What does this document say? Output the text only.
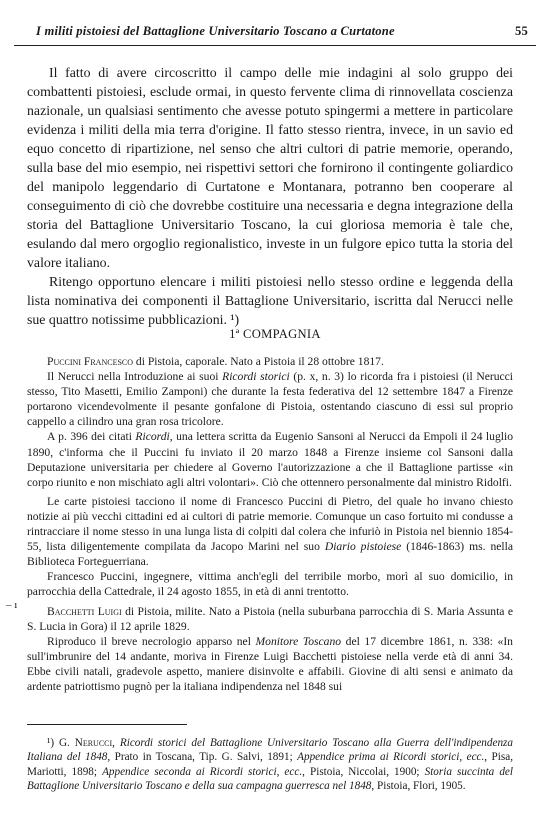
I militi pistoiesi del Battaglione Universitario Toscano a Curtatone	55

Il fatto di avere circoscritto il campo delle mie indagini al solo gruppo dei combattenti pistoiesi, esclude ormai, in questo fervente clima di rinnovellata coscienza nazionale, un qualsiasi sentimento che avesse potuto spingermi a mettere in particolare evidenza i militi della mia terra d'origine. Il fatto stesso rientra, invece, in un savio ed equo concetto di ripartizione, nel senso che altri cultori di patrie memorie, operando, sulla base del mio esempio, nei rispettivi settori che fornirono il contingente goliardico del manipolo leggendario di Curtatone e Montanara, potranno ben cooperare al conseguimento di ciò che dovrebbe costituire una necessaria e degna integrazione della storia del Battaglione Universitario Toscano, la cui gloriosa memoria è tale che, esulando dal mero orgoglio regionalistico, investe in un fulgore epico tutta la storia del valore italiano.

Ritengo opportuno elencare i militi pistoiesi nello stesso ordine e leggenda della lista nominativa dei componenti il Battaglione Universitario, iscritta dal Nerucci nelle sue quattro notissime pubblicazioni. ¹)

1ª COMPAGNIA

Puccini Francesco di Pistoia, caporale. Nato a Pistoia il 28 ottobre 1817.

Il Nerucci nella Introduzione ai suoi Ricordi storici (p. x, n. 3) lo ricorda fra i pistoiesi (il Nerucci stesso, Tito Masetti, Emilio Zamponi) che durante la festa federativa del 12 settembre 1847 a Firenze portarono vicendevolmente il pesante gonfalone di Pistoia, ostentando ciascuno di essi sul proprio cappello a cilindro una gran rosa tricolore.

A p. 396 dei citati Ricordi, una lettera scritta da Eugenio Sansoni al Nerucci da Empoli il 24 luglio 1890, c'informa che il Puccini fu inviato il 20 marzo 1848 a Firenze insieme col Sansoni dalla Deputazione universitaria per chiedere al Governo l'autorizzazione a che il Battaglione partisse «in corpo riunito e non mischiato agli altri volontari». Ciò che ottennero personalmente dal ministro Ridolfi.

Le carte pistoiesi tacciono il nome di Francesco Puccini di Pietro, del quale ho invano chiesto notizie ai più vecchi cittadini ed ai cultori di patrie memorie. Comunque un caso fortuito mi condusse a rintracciare il nome stesso in una lunga lista di colpiti dal colera che infuriò in Pistoia nel biennio 1854-55, lista diligentemente compilata da Jacopo Marini nel suo Diario pistoiese (1846-1863) ms. nella Biblioteca Forteguerriana.

Francesco Puccini, ingegnere, vittima anch'egli del terribile morbo, morì al suo domicilio, in parrocchia della Cattedrale, il 24 agosto 1855, in età di anni trentotto.

Bacchetti Luigi di Pistoia, milite. Nato a Pistoia (nella suburbana parrocchia di S. Maria Assunta e S. Lucia in Gora) il 12 aprile 1829.

Riproduco il breve necrologio apparso nel Monitore Toscano del 17 dicembre 1861, n. 338: «In sull'imbrunire del 14 andante, moriva in Firenze Luigi Bacchetti pistoiese nella verde età di anni 34. Ebbe civili natali, gradevole aspetto, maniere disinvolte e affabili. Giovine di alti sensi e animato da ardente patriottismo pugnò per la italiana indipendenza nel 1848 sui

– ı

¹) G. Nerucci, Ricordi storici del Battaglione Universitario Toscano alla Guerra dell'indipendenza Italiana del 1848, Prato in Toscana, Tip. G. Salvi, 1891; Appendice prima ai Ricordi storici, ecc., Pisa, Mariotti, 1898; Appendice seconda ai Ricordi storici, ecc., Pistoia, Niccolai, 1900; Storia succinta del Battaglione Universitario Toscano e della sua campagna guerresca nel 1848, Pistoia, Flori, 1905.
